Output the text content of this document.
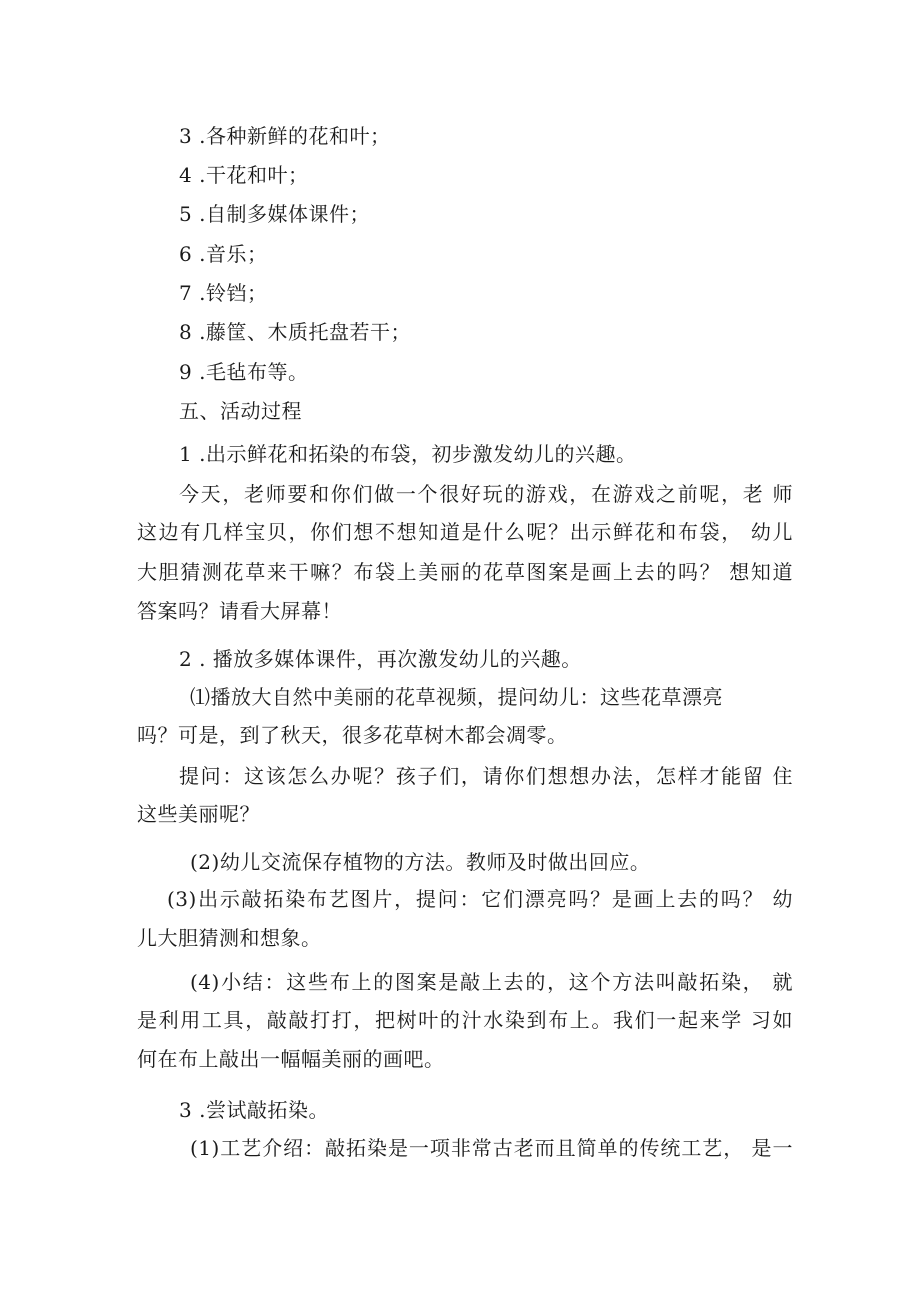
3 .各种新鲜的花和叶；
4 .干花和叶；
5 .自制多媒体课件；
6 .音乐；
7 .铃铛；
8 .藤筐、木质托盘若干；
9 .毛毡布等。
五、活动过程
1 .出示鲜花和拓染的布袋，初步激发幼儿的兴趣。
今天，老师要和你们做一个很好玩的游戏，在游戏之前呢，老 师
这边有几样宝贝，你们想不想知道是什么呢？出示鲜花和布袋， 幼儿
大胆猜测花草来干嘛？布袋上美丽的花草图案是画上去的吗？ 想知道
答案吗？请看大屏幕！
2 . 播放多媒体课件，再次激发幼儿的兴趣。
⑴播放大自然中美丽的花草视频，提问幼儿：这些花草漂亮
吗？可是，到了秋天，很多花草树木都会凋零。
提问：这该怎么办呢？孩子们，请你们想想办法，怎样才能留 住
这些美丽呢？
(2)幼儿交流保存植物的方法。教师及时做出回应。
(3)出示敲拓染布艺图片，提问：它们漂亮吗？是画上去的吗？ 幼
儿大胆猜测和想象。
(4)小结：这些布上的图案是敲上去的，这个方法叫敲拓染， 就
是利用工具，敲敲打打，把树叶的汁水染到布上。我们一起来学 习如
何在布上敲出一幅幅美丽的画吧。
3 .尝试敲拓染。
(1)工艺介绍：敲拓染是一项非常古老而且简单的传统工艺， 是一
